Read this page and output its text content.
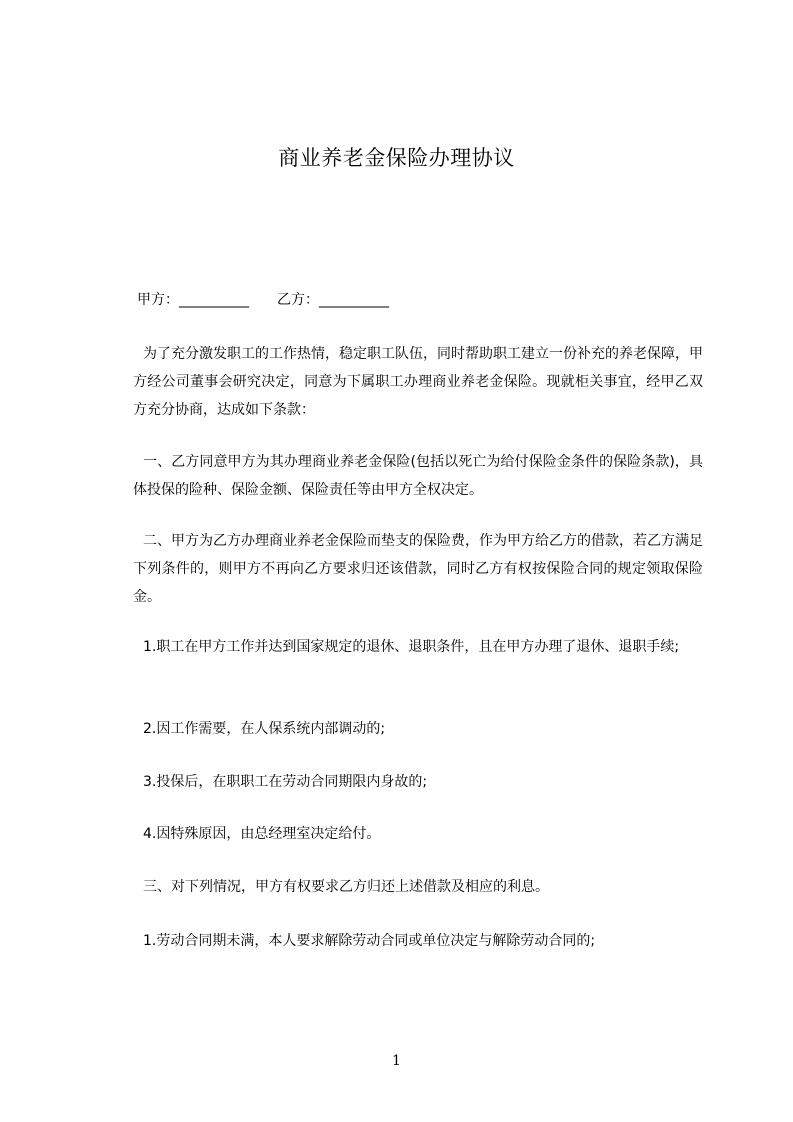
商业养老金保险办理协议
甲方：__________ 乙方：__________
为了充分激发职工的工作热情，稳定职工队伍，同时帮助职工建立一份补充的养老保障，甲方经公司董事会研究决定，同意为下属职工办理商业养老金保险。现就柜关事宜，经甲乙双方充分协商，达成如下条款：
一、乙方同意甲方为其办理商业养老金保险(包括以死亡为给付保险金条件的保险条款)，具体投保的险种、保险金额、保险责任等由甲方全权决定。
二、甲方为乙方办理商业养老金保险而垫支的保险费，作为甲方给乙方的借款，若乙方满足下列条件的，则甲方不再向乙方要求归还该借款，同时乙方有权按保险合同的规定领取保险金。
1.职工在甲方工作并达到国家规定的退休、退职条件，且在甲方办理了退休、退职手续;
2.因工作需要，在人保系统内部调动的;
3.投保后，在职职工在劳动合同期限内身故的;
4.因特殊原因，由总经理室决定给付。
三、对下列情况，甲方有权要求乙方归还上述借款及相应的利息。
1.劳动合同期未满，本人要求解除劳动合同或单位决定与解除劳动合同的;
1
